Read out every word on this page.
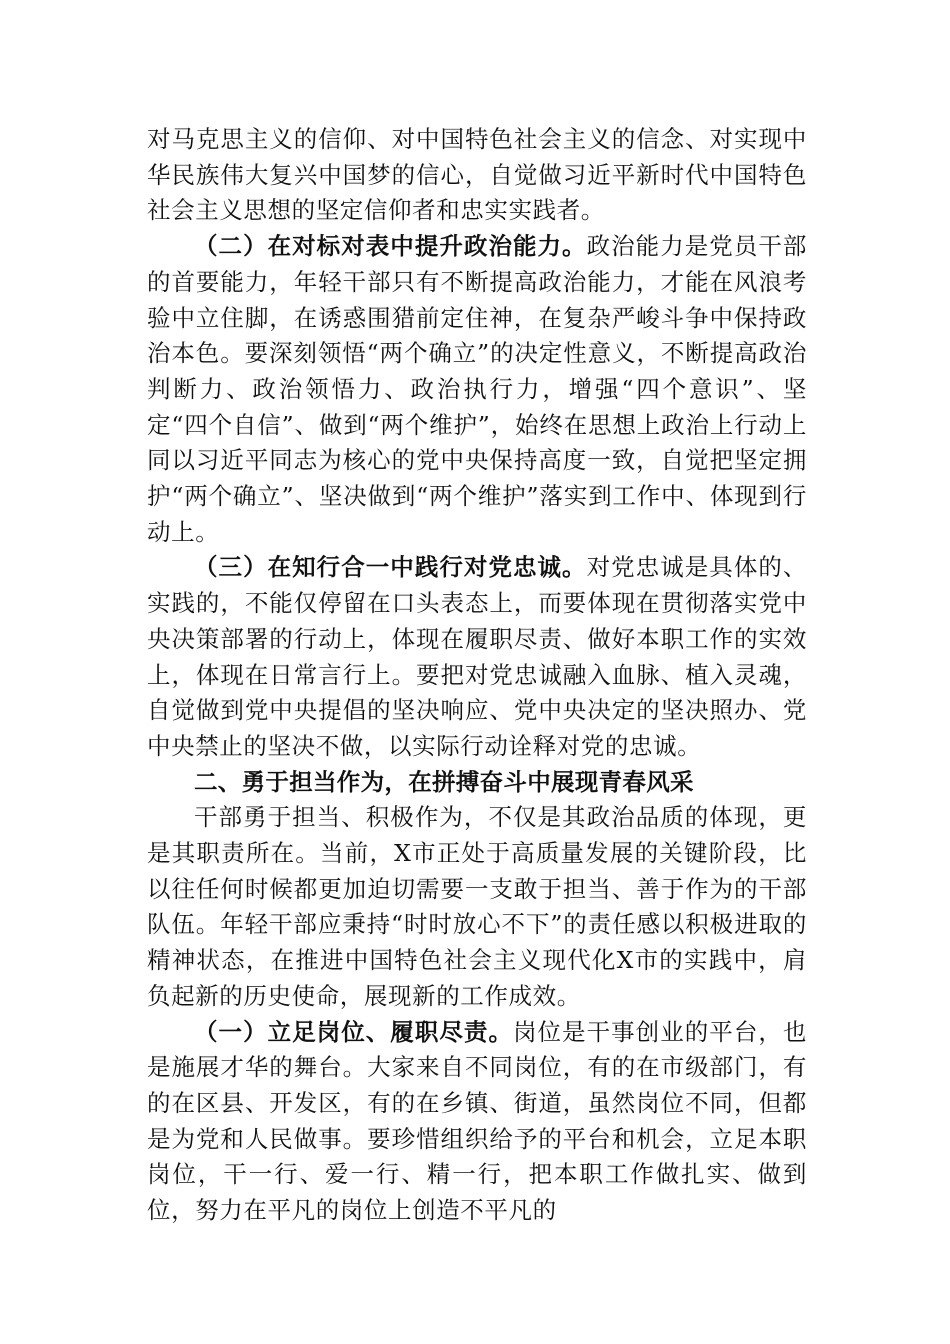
对马克思主义的信仰、对中国特色社会主义的信念、对实现中华民族伟大复兴中国梦的信心，自觉做习近平新时代中国特色社会主义思想的坚定信仰者和忠实实践者。

（二）在对标对表中提升政治能力。政治能力是党员干部的首要能力，年轻干部只有不断提高政治能力，才能在风浪考验中立住脚，在诱惑围猎前定住神，在复杂严峻斗争中保持政治本色。要深刻领悟“两个确立”的决定性意义，不断提高政治判断力、政治领悟力、政治执行力，增强“四个意识”、坚定“四个自信”、做到“两个维护”，始终在思想上政治上行动上同以习近平同志为核心的党中央保持高度一致，自觉把坚定拥护“两个确立”、坚决做到“两个维护”落实到工作中、体现到行动上。

（三）在知行合一中践行对党忠诚。对党忠诚是具体的、实践的，不能仅停留在口头表态上，而要体现在贯彻落实党中央决策部署的行动上，体现在履职尽责、做好本职工作的实效上，体现在日常言行上。要把对党忠诚融入血脉、植入灵魂，自觉做到党中央提倡的坚决响应、党中央决定的坚决照办、党中央禁止的坚决不做，以实际行动诠释对党的忠诚。

二、勇于担当作为，在拼搏奋斗中展现青春风采

干部勇于担当、积极作为，不仅是其政治品质的体现，更是其职责所在。当前，X市正处于高质量发展的关键阶段，比以往任何时候都更加迫切需要一支敢于担当、善于作为的干部队伍。年轻干部应秉持“时时放心不下”的责任感以积极进取的精神状态，在推进中国特色社会主义现代化X市的实践中，肩负起新的历史使命，展现新的工作成效。

（一）立足岗位、履职尽责。岗位是干事创业的平台，也是施展才华的舞台。大家来自不同岗位，有的在市级部门，有的在区县、开发区，有的在乡镇、街道，虽然岗位不同，但都是为党和人民做事。要珍惜组织给予的平台和机会，立足本职岗位，干一行、爱一行、精一行，把本职工作做扎实、做到位，努力在平凡的岗位上创造不平凡的
